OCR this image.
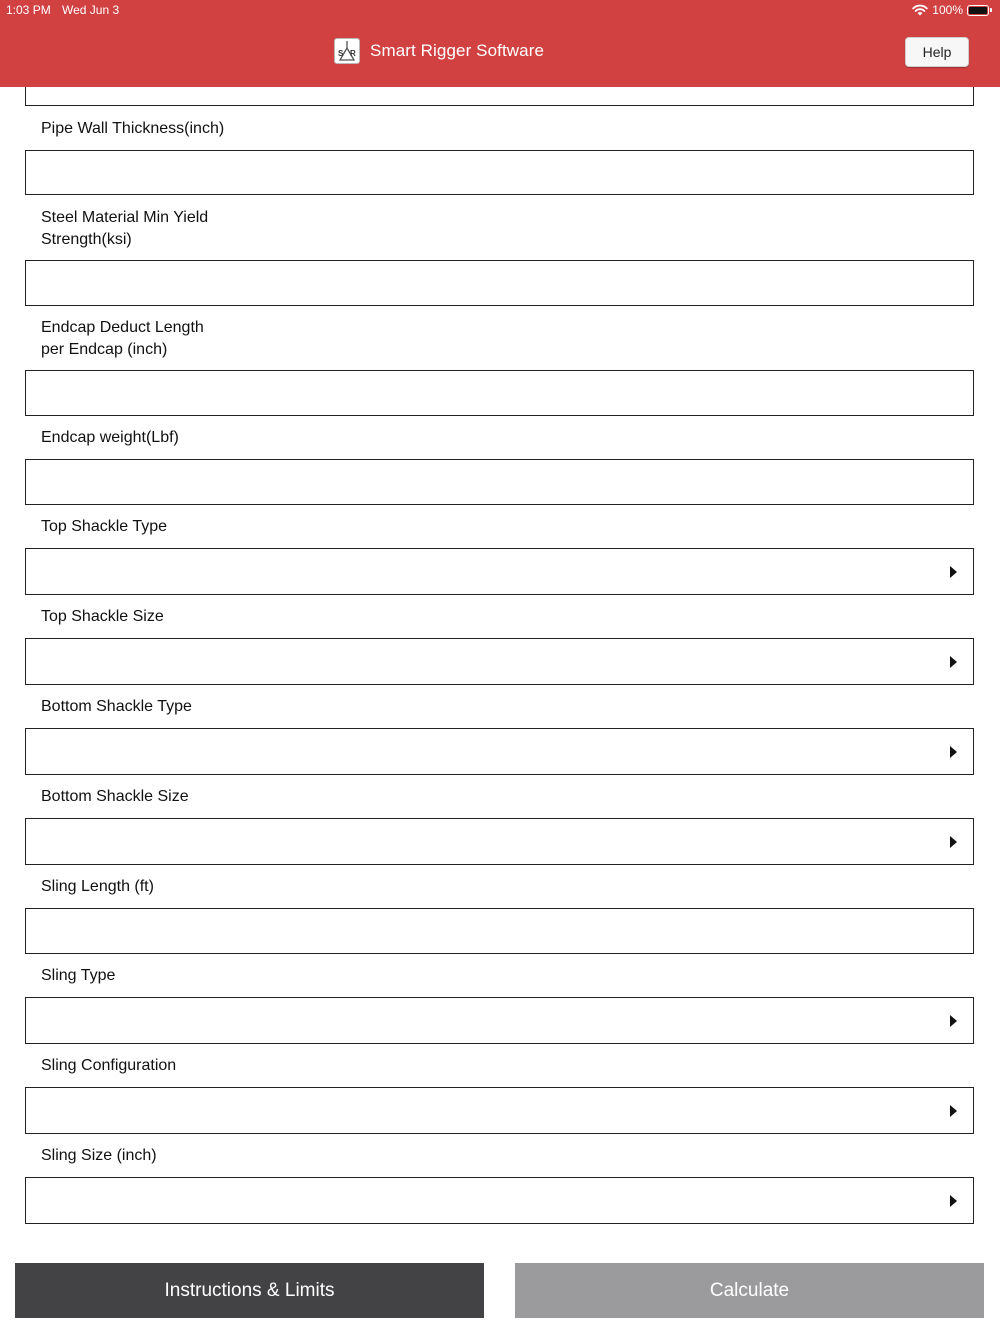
1:03 PM Wed Jun 3	100%
S R Smart Rigger Software	Help
Pipe Wall Thickness(inch)
Steel Material Min Yield Strength(ksi)
Endcap Deduct Length per Endcap (inch)
Endcap weight(Lbf)
Top Shackle Type
Top Shackle Size
Bottom Shackle Type
Bottom Shackle Size
Sling Length (ft)
Sling Type
Sling Configuration
Sling Size (inch)
Instructions & Limits	Calculate
